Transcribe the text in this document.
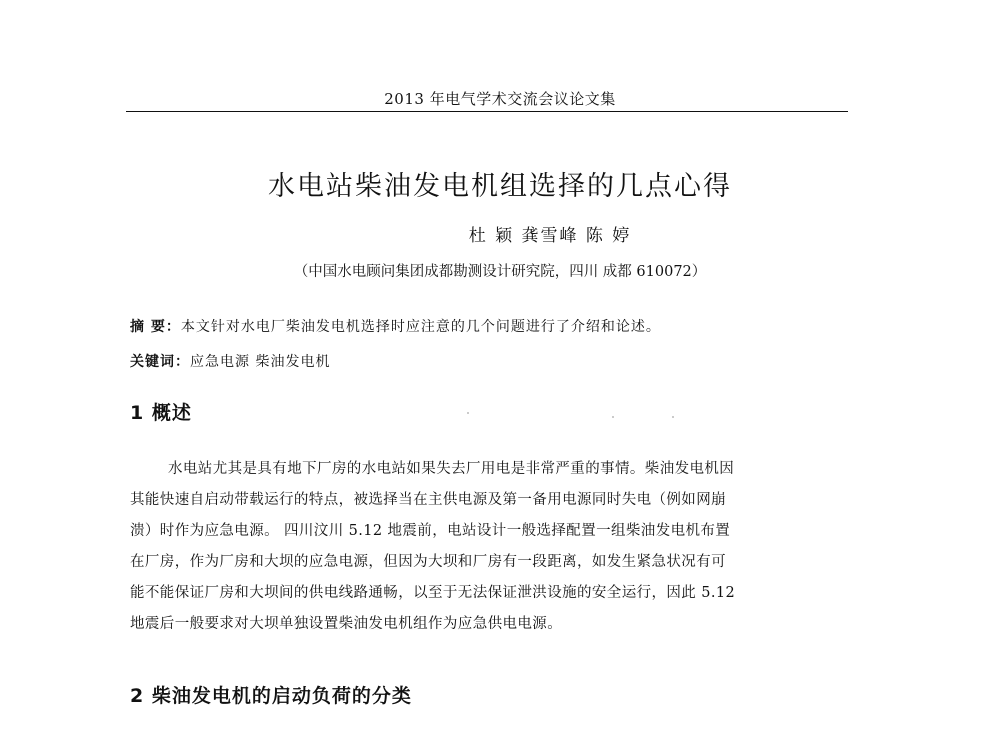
2013 年电气学术交流会议论文集
水电站柴油发电机组选择的几点心得
杜 颖 龚雪峰 陈 婷
（中国水电顾问集团成都勘测设计研究院，四川 成都 610072）
摘 要：本文针对水电厂柴油发电机选择时应注意的几个问题进行了介绍和论述。
关键词：应急电源 柴油发电机
1 概述
水电站尤其是具有地下厂房的水电站如果失去厂用电是非常严重的事情。柴油发电机因
其能快速自启动带载运行的特点，被选择当在主供电源及第一备用电源同时失电（例如网崩
溃）时作为应急电源。 四川汶川 5.12 地震前，电站设计一般选择配置一组柴油发电机布置
在厂房，作为厂房和大坝的应急电源，但因为大坝和厂房有一段距离，如发生紧急状况有可
能不能保证厂房和大坝间的供电线路通畅，以至于无法保证泄洪设施的安全运行，因此 5.12
地震后一般要求对大坝单独设置柴油发电机组作为应急供电电源。
2 柴油发电机的启动负荷的分类
